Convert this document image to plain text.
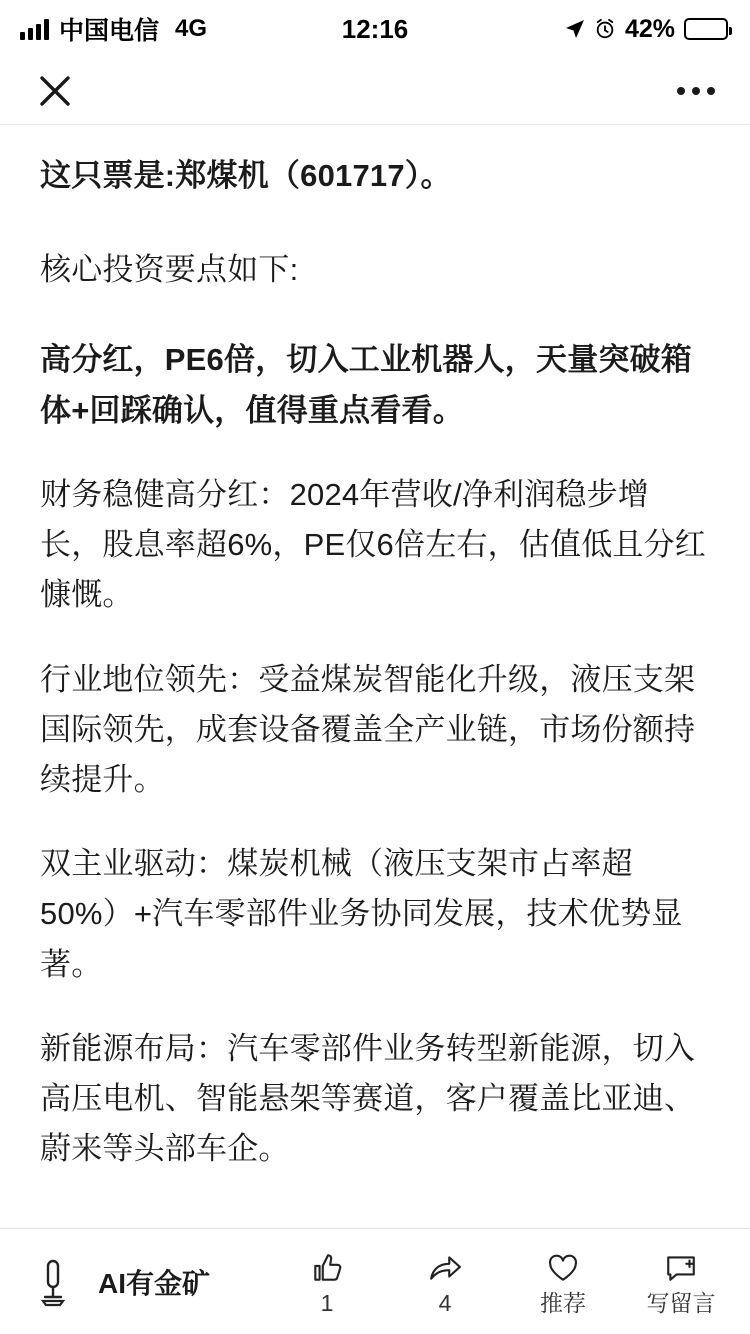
中国电信 4G	12:16	42%

这只票是:郑煤机（601717）。

核心投资要点如下:

高分红，PE6倍，切入工业机器人，天量突破箱体+回踩确认，值得重点看看。

财务稳健高分红：2024年营收/净利润稳步增长，股息率超6%，PE仅6倍左右，估值低且分红慷慨。

行业地位领先：受益煤炭智能化升级，液压支架国际领先，成套设备覆盖全产业链，市场份额持续提升。

双主业驱动：煤炭机械（液压支架市占率超50%）+汽车零部件业务协同发展，技术优势显著。

新能源布局：汽车零部件业务转型新能源，切入高压电机、智能悬架等赛道，客户覆盖比亚迪、蔚来等头部车企。

AI有金矿
1	4	推荐	写留言
